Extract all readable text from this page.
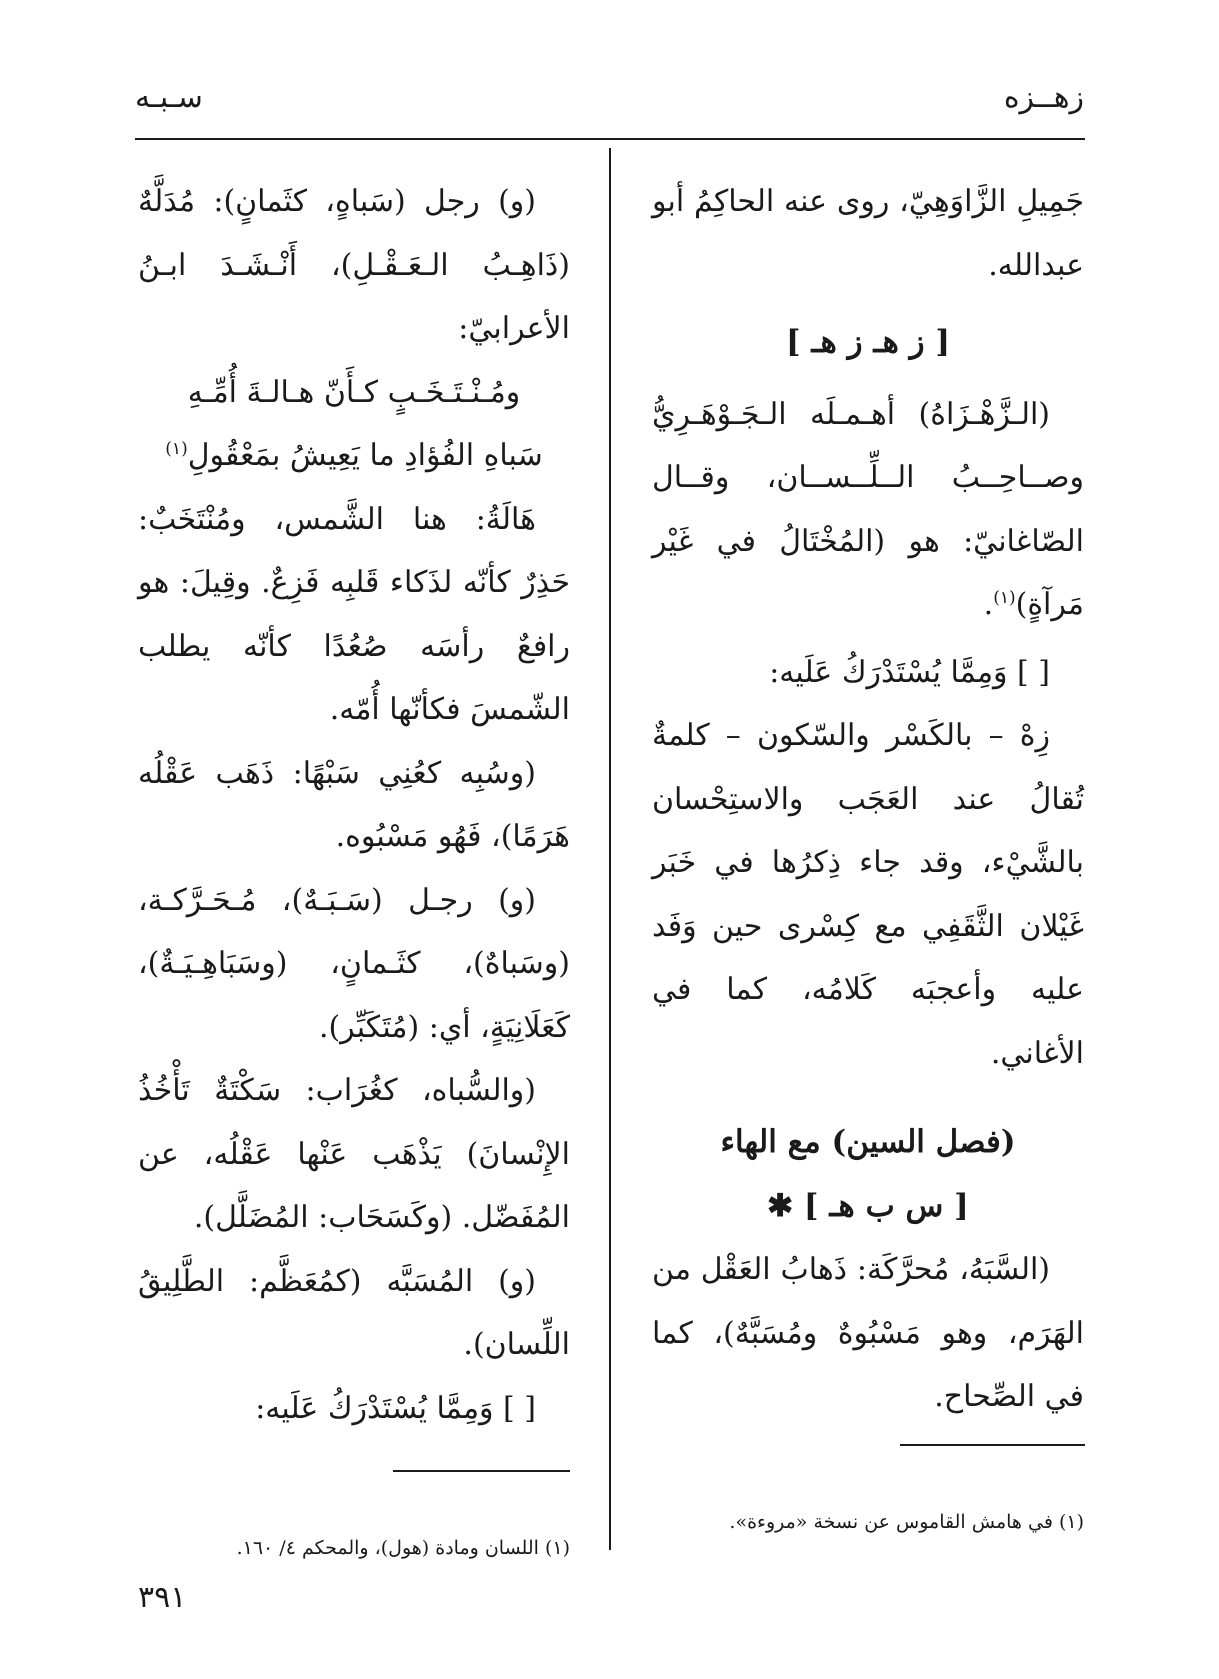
زهــزه
سـبـه

جَمِيلِ الزَّاوَهِيّ، روى عنه الحاكِمُ أبو عبدالله.

[ ز هـ ز هـ ]

(الـزَّهْـزَاهُ) أهـمـلَه الـجَـوْهَـرِيُّ وصــاحِــبُ الــلِّــســان، وقــال الصّاغانيّ: هو (المُخْتَالُ في غَيْر مَرآةٍ)$^{(١)}$.

[ ] وَمِمَّا يُسْتَدْرَكُ عَلَيه:

زِهْ – بالكَسْر والسّكون – كلمةٌ تُقالُ عند العَجَب والاستِحْسان بالشَّيْء، وقد جاء ذِكرُها في خَبَر غَيْلان الثَّقَفِي مع كِسْرى حين وَفَد عليه وأعجبَه كَلامُه، كما في الأغاني.

(فصل السين) مع الهاء

[ س ب هـ ] ✱

(السَّبَهُ، مُحرَّكَة: ذَهابُ العَقْل من الهَرَم، وهو مَسْبُوهٌ ومُسَبَّهٌ)، كما في الصِّحاح.

(و) رجل (سَباهٍ، كثَمانٍ): مُدَلَّهٌ (ذَاهِـبُ الـعَـقْـلِ)، أَنْـشَـدَ ابـنُ الأعرابيّ:

ومُـنْـتَـخَـبٍ كـأَنّ هـالـةَ أُمِّـهِ

سَباهِ الفُؤادِ ما يَعِيشُ بمَعْقُولِ$^{(١)}$

هَالَةُ: هنا الشَّمس، ومُنْتَخَبٌ: حَذِرٌ كأنّه لذَكاء قَلبِه فَزِعٌ. وقِيلَ: هو رافعٌ رأسَه صُعُدًا كأنّه يطلب الشّمسَ فكأنّها أُمّه.

(وسُبِه كعُنِي سَبْهًا: ذَهَب عَقْلُه هَرَمًا)، فَهُو مَسْبُوه.

(و) رجـل (سَـبَـهٌ)، مُـحَـرَّكـة، (وسَباهٌ)، كثَـمانٍ، (وسَبَاهِـيَـةٌ)، كَعَلَانِيَةٍ، أي: (مُتَكَبِّر).

(والسُّباه، كغُرَاب: سَكْتَةٌ تَأْخُذُ الإِنْسانَ) يَذْهَب عَنْها عَقْلُه، عن المُفَضّل. (وكَسَحَاب: المُضَلَّل).

(و) المُسَبَّه (كمُعَظَّم: الطَّلِيقُ اللِّسان).

[ ] وَمِمَّا يُسْتَدْرَكُ عَلَيه:

(١) في هامش القاموس عن نسخة «مروءة».
(١) اللسان ومادة (هول)، والمحكم ٤/ ١٦٠.
٣٩١
